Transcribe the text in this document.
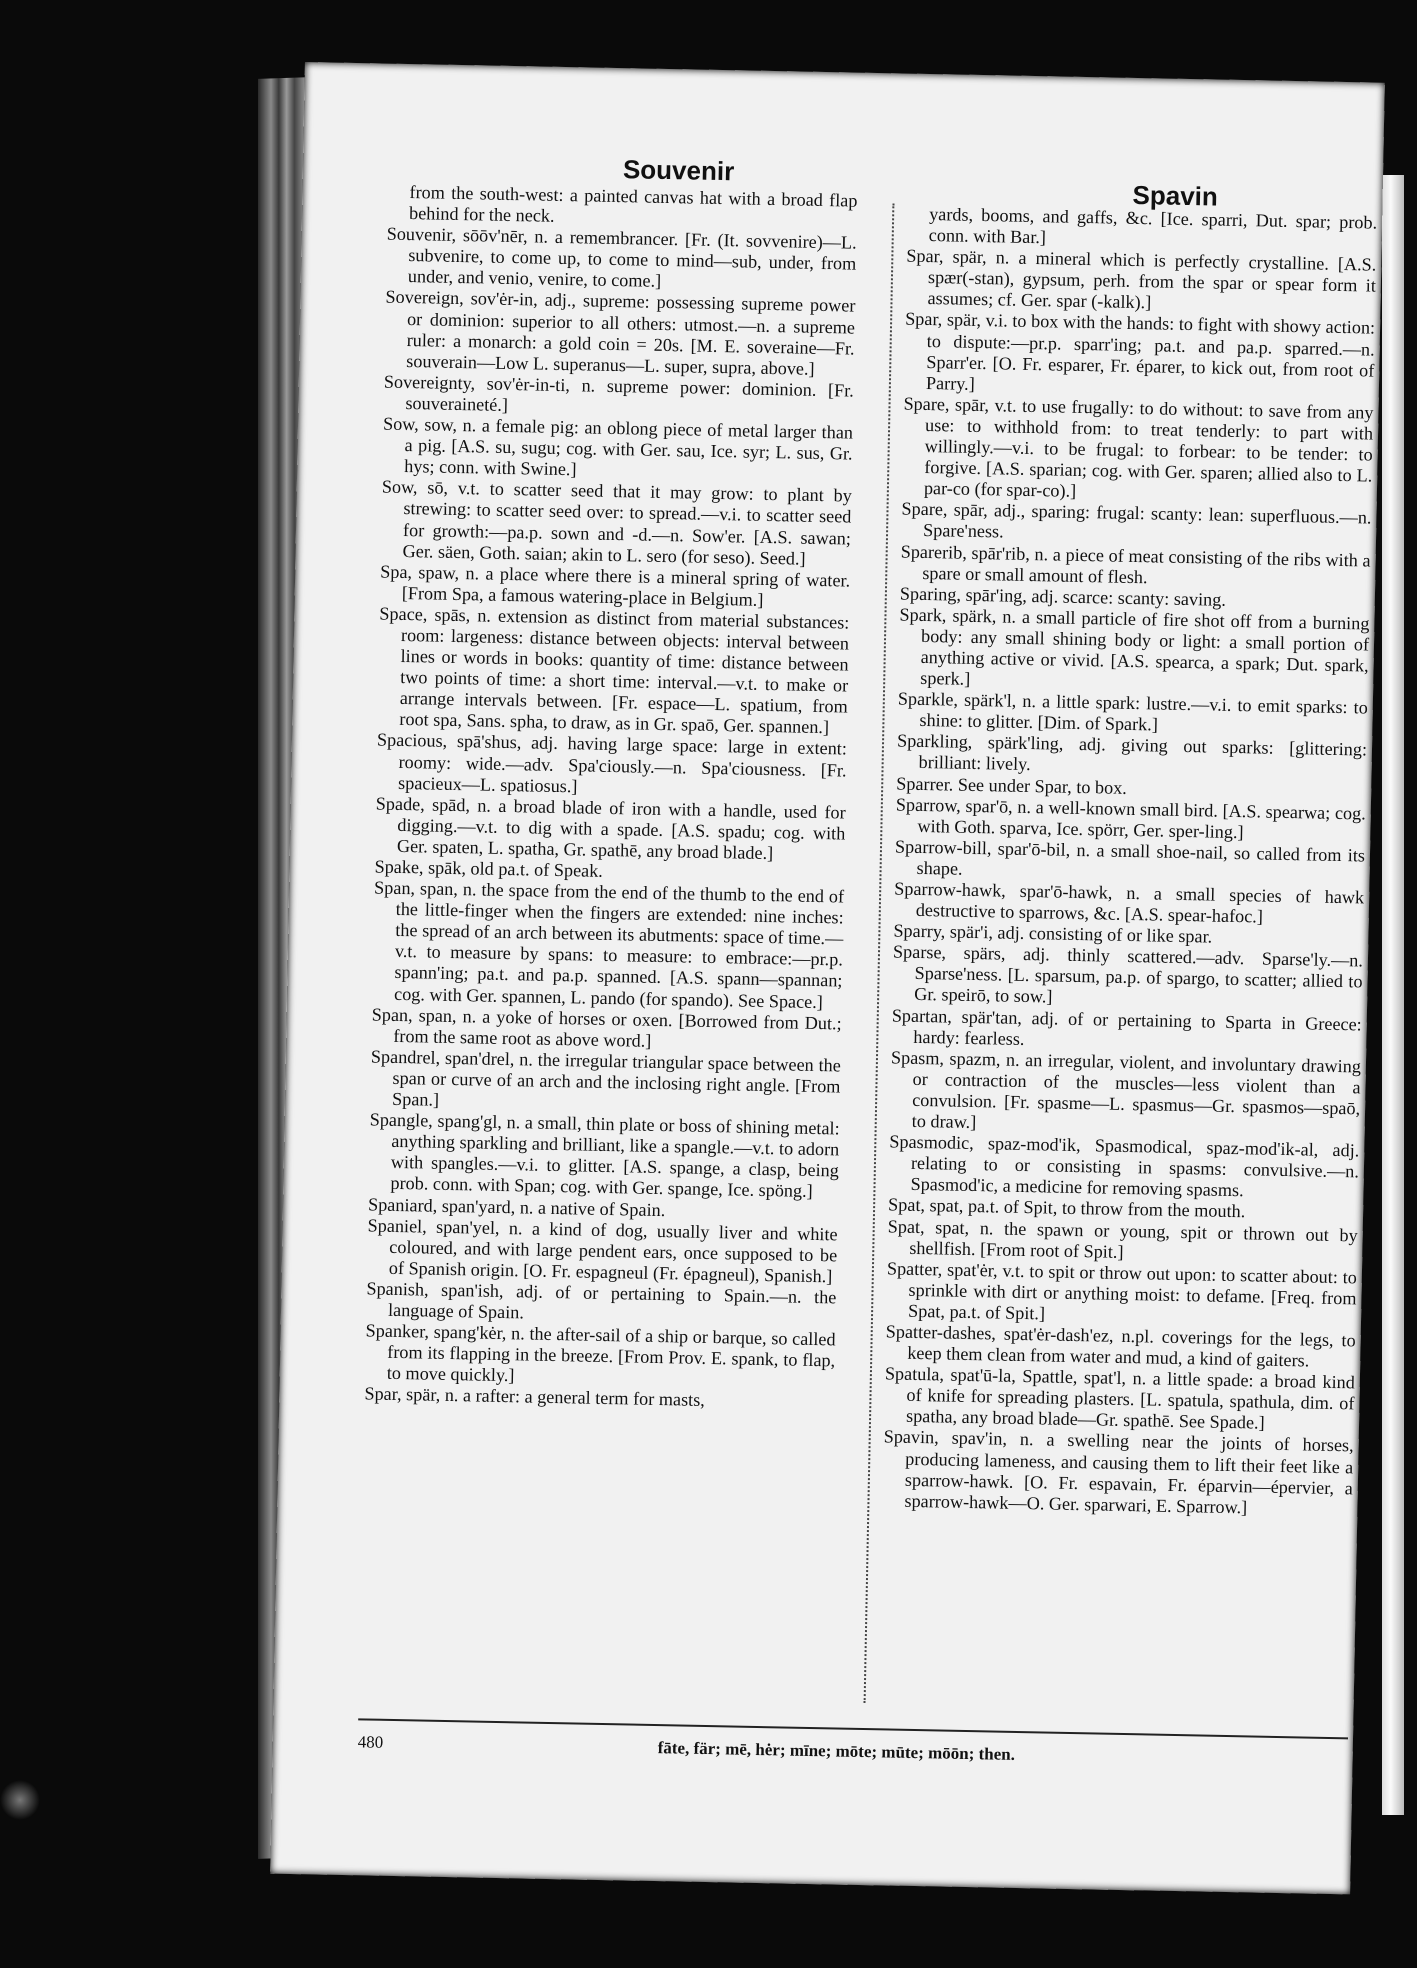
Souvenir
Spavin

from the south-west: a painted canvas hat with a broad flap behind for the neck.

Souvenir, sōōv'nēr, n. a remembrancer. [Fr. (It. sovvenire)—L. subvenire, to come up, to come to mind—sub, under, from under, and venio, venire, to come.]

Sovereign, sov'ėr-in, adj., supreme: possessing supreme power or dominion: superior to all others: utmost.—n. a supreme ruler: a monarch: a gold coin = 20s. [M. E. soveraine—Fr. souverain—Low L. superanus—L. super, supra, above.]

Sovereignty, sov'ėr-in-ti, n. supreme power: dominion. [Fr. souveraineté.]

Sow, sow, n. a female pig: an oblong piece of metal larger than a pig. [A.S. su, sugu; cog. with Ger. sau, Ice. syr; L. sus, Gr. hys; conn. with Swine.]

Sow, sō, v.t. to scatter seed that it may grow: to plant by strewing: to scatter seed over: to spread.—v.i. to scatter seed for growth:—pa.p. sown and -d.—n. Sow'er. [A.S. sawan; Ger. säen, Goth. saian; akin to L. sero (for seso). Seed.]

Spa, spaw, n. a place where there is a mineral spring of water. [From Spa, a famous watering-place in Belgium.]

Space, spās, n. extension as distinct from material substances: room: largeness: distance between objects: interval between lines or words in books: quantity of time: distance between two points of time: a short time: interval.—v.t. to make or arrange intervals between. [Fr. espace—L. spatium, from root spa, Sans. spha, to draw, as in Gr. spaō, Ger. spannen.]

Spacious, spā'shus, adj. having large space: large in extent: roomy: wide.—adv. Spa'ciously.—n. Spa'ciousness. [Fr. spacieux—L. spatiosus.]

Spade, spād, n. a broad blade of iron with a handle, used for digging.—v.t. to dig with a spade. [A.S. spadu; cog. with Ger. spaten, L. spatha, Gr. spathē, any broad blade.]

Spake, spāk, old pa.t. of Speak.

Span, span, n. the space from the end of the thumb to the end of the little-finger when the fingers are extended: nine inches: the spread of an arch between its abutments: space of time.—v.t. to measure by spans: to measure: to embrace:—pr.p. spann'ing; pa.t. and pa.p. spanned. [A.S. spann—spannan; cog. with Ger. spannen, L. pando (for spando). See Space.]

Span, span, n. a yoke of horses or oxen. [Borrowed from Dut.; from the same root as above word.]

Spandrel, span'drel, n. the irregular triangular space between the span or curve of an arch and the inclosing right angle. [From Span.]

Spangle, spang'gl, n. a small, thin plate or boss of shining metal: anything sparkling and brilliant, like a spangle.—v.t. to adorn with spangles.—v.i. to glitter. [A.S. spange, a clasp, being prob. conn. with Span; cog. with Ger. spange, Ice. spöng.]

Spaniard, span'yard, n. a native of Spain.

Spaniel, span'yel, n. a kind of dog, usually liver and white coloured, and with large pendent ears, once supposed to be of Spanish origin. [O. Fr. espagneul (Fr. épagneul), Spanish.]

Spanish, span'ish, adj. of or pertaining to Spain.—n. the language of Spain.

Spanker, spang'kėr, n. the after-sail of a ship or barque, so called from its flapping in the breeze. [From Prov. E. spank, to flap, to move quickly.]

Spar, spär, n. a rafter: a general term for masts,

yards, booms, and gaffs, &c. [Ice. sparri, Dut. spar; prob. conn. with Bar.]

Spar, spär, n. a mineral which is perfectly crystalline. [A.S. spær(-stan), gypsum, perh. from the spar or spear form it assumes; cf. Ger. spar (-kalk).]

Spar, spär, v.i. to box with the hands: to fight with showy action: to dispute:—pr.p. sparr'ing; pa.t. and pa.p. sparred.—n. Sparr'er. [O. Fr. esparer, Fr. éparer, to kick out, from root of Parry.]

Spare, spār, v.t. to use frugally: to do without: to save from any use: to withhold from: to treat tenderly: to part with willingly.—v.i. to be frugal: to forbear: to be tender: to forgive. [A.S. sparian; cog. with Ger. sparen; allied also to L. par-co (for spar-co).]

Spare, spār, adj., sparing: frugal: scanty: lean: superfluous.—n. Spare'ness.

Sparerib, spār'rib, n. a piece of meat consisting of the ribs with a spare or small amount of flesh.

Sparing, spār'ing, adj. scarce: scanty: saving.

Spark, spärk, n. a small particle of fire shot off from a burning body: any small shining body or light: a small portion of anything active or vivid. [A.S. spearca, a spark; Dut. spark, sperk.]

Sparkle, spärk'l, n. a little spark: lustre.—v.i. to emit sparks: to shine: to glitter. [Dim. of Spark.]

Sparkling, spärk'ling, adj. giving out sparks: [glittering: brilliant: lively.

Sparrer. See under Spar, to box.

Sparrow, spar'ō, n. a well-known small bird. [A.S. spearwa; cog. with Goth. sparva, Ice. spörr, Ger. sper-ling.]

Sparrow-bill, spar'ō-bil, n. a small shoe-nail, so called from its shape.

Sparrow-hawk, spar'ō-hawk, n. a small species of hawk destructive to sparrows, &c. [A.S. spear-hafoc.]

Sparry, spär'i, adj. consisting of or like spar.

Sparse, spärs, adj. thinly scattered.—adv. Sparse'ly.—n. Sparse'ness. [L. sparsum, pa.p. of spargo, to scatter; allied to Gr. speirō, to sow.]

Spartan, spär'tan, adj. of or pertaining to Sparta in Greece: hardy: fearless.

Spasm, spazm, n. an irregular, violent, and involuntary drawing or contraction of the muscles—less violent than a convulsion. [Fr. spasme—L. spasmus—Gr. spasmos—spaō, to draw.]

Spasmodic, spaz-mod'ik, Spasmodical, spaz-mod'ik-al, adj. relating to or consisting in spasms: convulsive.—n. Spasmod'ic, a medicine for removing spasms.

Spat, spat, pa.t. of Spit, to throw from the mouth.

Spat, spat, n. the spawn or young, spit or thrown out by shellfish. [From root of Spit.]

Spatter, spat'ėr, v.t. to spit or throw out upon: to scatter about: to sprinkle with dirt or anything moist: to defame. [Freq. from Spat, pa.t. of Spit.]

Spatter-dashes, spat'ėr-dash'ez, n.pl. coverings for the legs, to keep them clean from water and mud, a kind of gaiters.

Spatula, spat'ū-la, Spattle, spat'l, n. a little spade: a broad kind of knife for spreading plasters. [L. spatula, spathula, dim. of spatha, any broad blade—Gr. spathē. See Spade.]

Spavin, spav'in, n. a swelling near the joints of horses, producing lameness, and causing them to lift their feet like a sparrow-hawk. [O. Fr. espavain, Fr. éparvin—épervier, a sparrow-hawk—O. Ger. sparwari, E. Sparrow.]

480	fāte, fär; mē, hėr; mīne; mōte; mūte; mōōn; then.
